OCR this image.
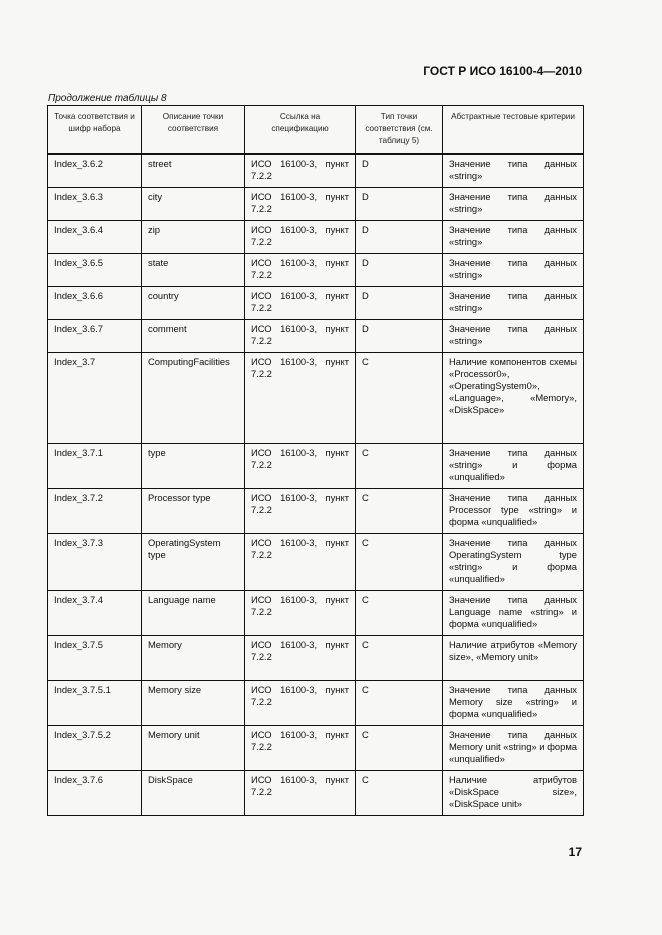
ГОСТ Р ИСО 16100-4—2010
Продолжение таблицы 8
Точка соответствия и шифр набора	Описание точки соответствия	Ссылка на спецификацию	Тип точки соответствия (см. таблицу 5)	Абстрактные тестовые критерии
Index_3.6.2	street	ИСО 16100-3, пункт 7.2.2	D	Значение типа данных «string»
Index_3.6.3	city	ИСО 16100-3, пункт 7.2.2	D	Значение типа данных «string»
Index_3.6.4	zip	ИСО 16100-3, пункт 7.2.2	D	Значение типа данных «string»
Index_3.6.5	state	ИСО 16100-3, пункт 7.2.2	D	Значение типа данных «string»
Index_3.6.6	country	ИСО 16100-3, пункт 7.2.2	D	Значение типа данных «string»
Index_3.6.7	comment	ИСО 16100-3, пункт 7.2.2	D	Значение типа данных «string»
Index_3.7	ComputingFacilities	ИСО 16100-3, пункт 7.2.2	C	Наличие компонентов схемы «Processor0», «OperatingSystem0», «Language», «Memory», «DiskSpace»
Index_3.7.1	type	ИСО 16100-3, пункт 7.2.2	C	Значение типа данных «string» и форма «unqualified»
Index_3.7.2	Processor type	ИСО 16100-3, пункт 7.2.2	C	Значение типа данных Processor type «string» и форма «unqualified»
Index_3.7.3	OperatingSystem type	ИСО 16100-3, пункт 7.2.2	C	Значение типа данных OperatingSystem type «string» и форма «unqualified»
Index_3.7.4	Language name	ИСО 16100-3, пункт 7.2.2	C	Значение типа данных Language name «string» и форма «unqualified»
Index_3.7.5	Memory	ИСО 16100-3, пункт 7.2.2	C	Наличие атрибутов «Memory size», «Memory unit»
Index_3.7.5.1	Memory size	ИСО 16100-3, пункт 7.2.2	C	Значение типа данных Memory size «string» и форма «unqualified»
Index_3.7.5.2	Memory unit	ИСО 16100-3, пункт 7.2.2	C	Значение типа данных Memory unit «string» и форма «unqualified»
Index_3.7.6	DiskSpace	ИСО 16100-3, пункт 7.2.2	C	Наличие атрибутов «DiskSpace size», «DiskSpace unit»
17
